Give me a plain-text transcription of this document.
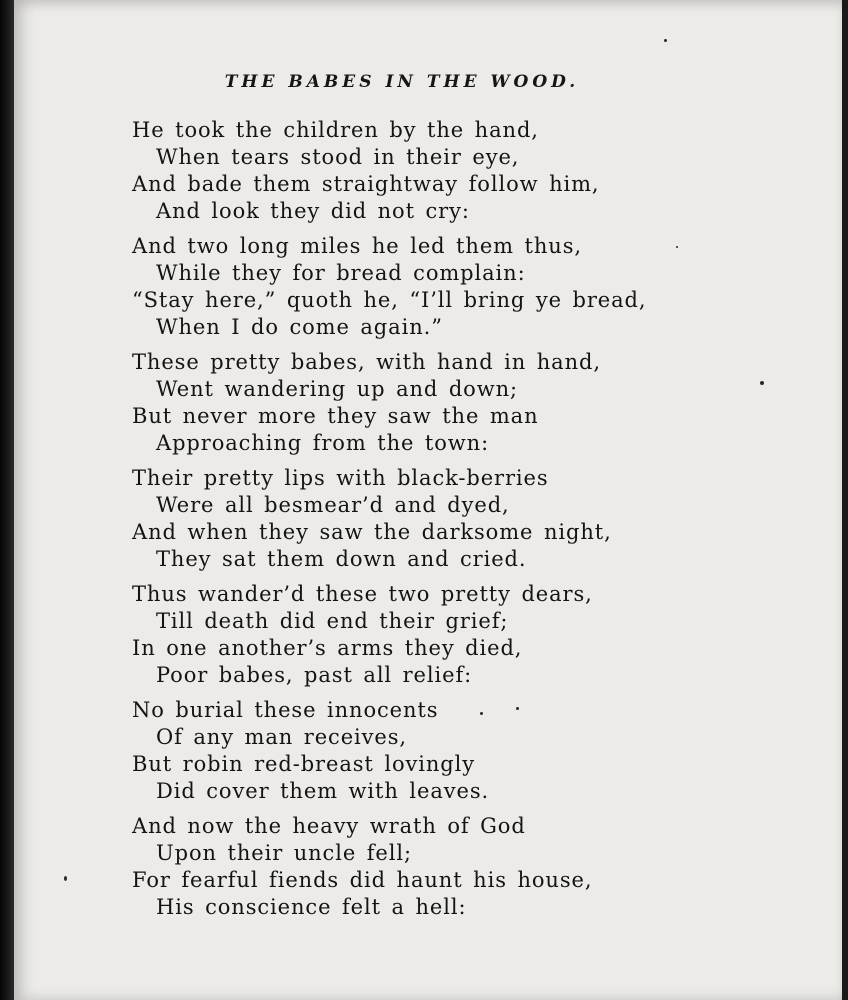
THE BABES IN THE WOOD.
He took the children by the hand,
When tears stood in their eye,
And bade them straightway follow him,
And look they did not cry:
And two long miles he led them thus,
While they for bread complain:
“Stay here,” quoth he, “I’ll bring ye bread,
When I do come again.”
These pretty babes, with hand in hand,
Went wandering up and down;
But never more they saw the man
Approaching from the town:
Their pretty lips with black-berries
Were all besmear’d and dyed,
And when they saw the darksome night,
They sat them down and cried.
Thus wander’d these two pretty dears,
Till death did end their grief;
In one another’s arms they died,
Poor babes, past all relief:
No burial these innocents
Of any man receives,
But robin red-breast lovingly
Did cover them with leaves.
And now the heavy wrath of God
Upon their uncle fell;
For fearful fiends did haunt his house,
His conscience felt a hell:
